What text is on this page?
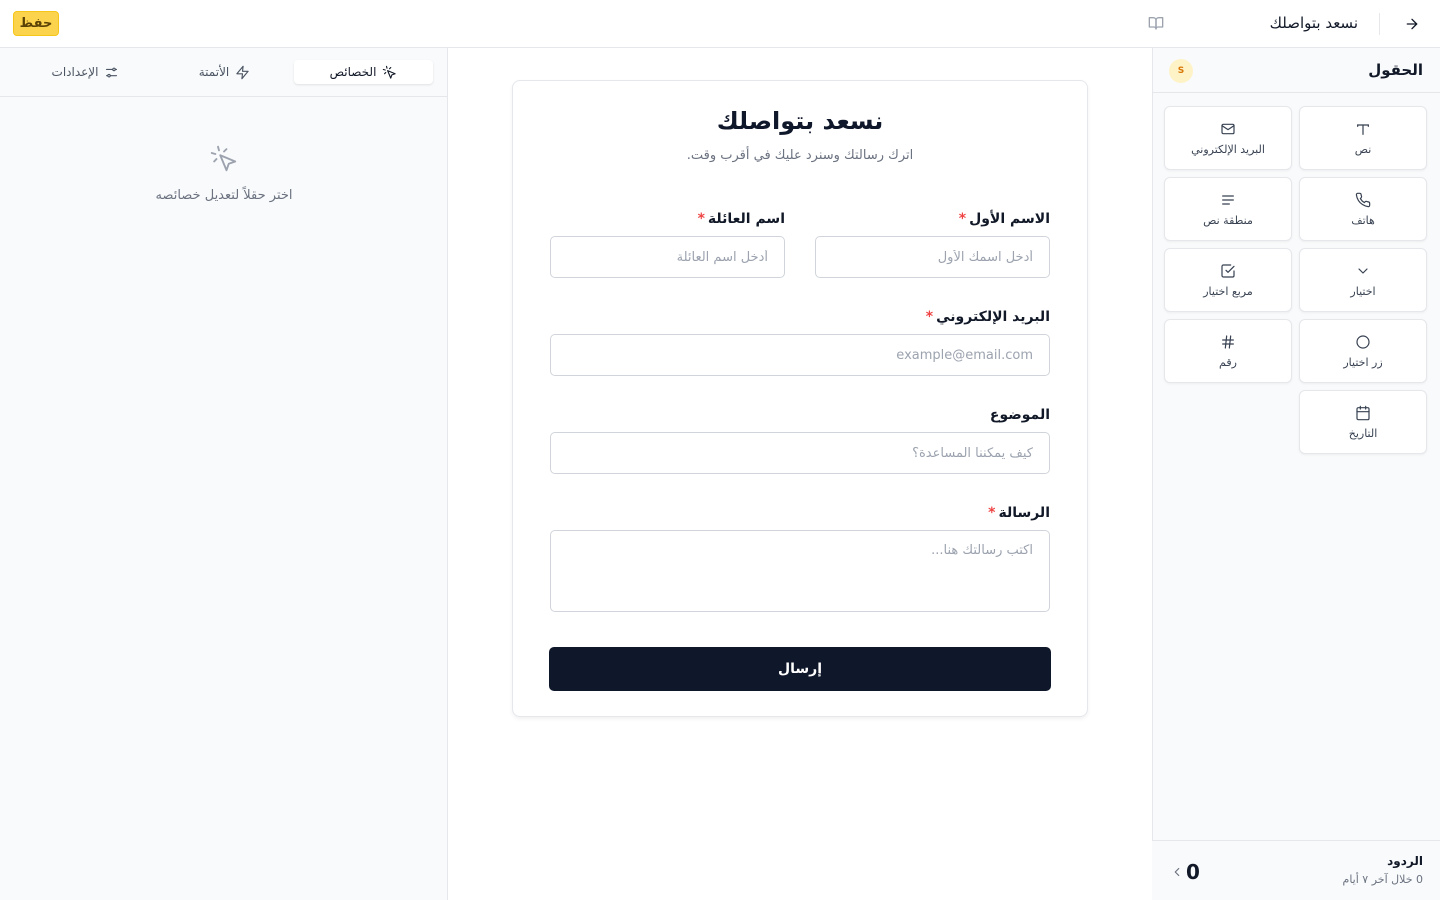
نسعد بتواصلك
حفظ
الحقول
S
نص
البريد الإلكتروني
هاتف
منطقة نص
اختيار
مربع اختيار
زر اختيار
رقم
التاريخ
الردود
0 خلال آخر ٧ أيام
0
نسعد بتواصلك

اترك رسالتك وسنرد عليك في أقرب وقت.

الاسم الأول*
أدخل اسمك الأول
اسم العائلة*
أدخل اسم العائلة
البريد الإلكتروني*
example@email.com
الموضوع
كيف يمكننا المساعدة؟
الرسالة*
اكتب رسالتك هنا...
إرسال
الخصائص
الأتمتة
الإعدادات
اختر حقلاً لتعديل خصائصه
